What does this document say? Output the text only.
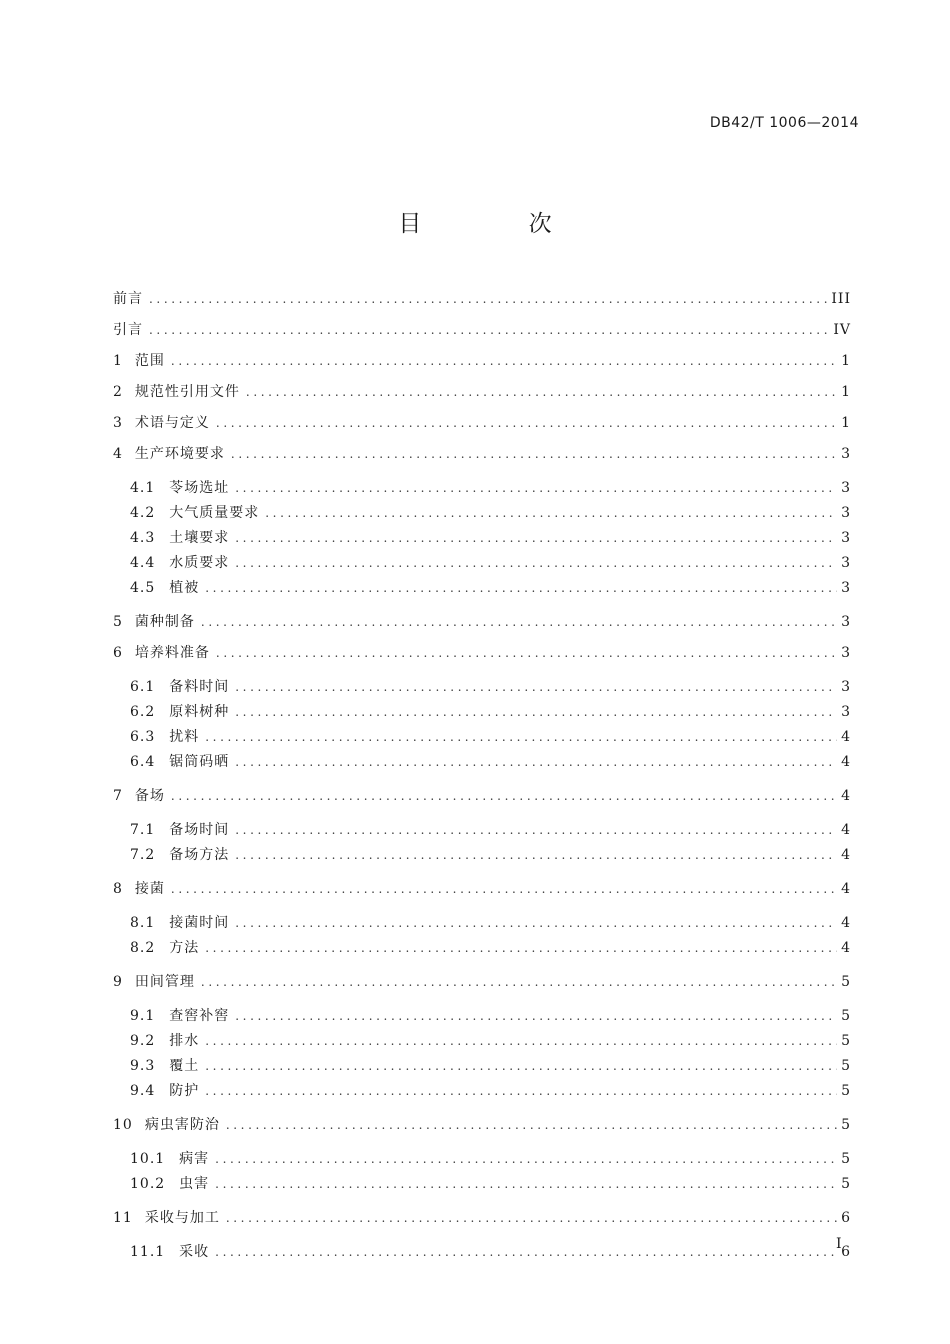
DB42/T 1006—2014
目 次
前言 .....	III
引言 .....	IV
1 范围 .....	1
2 规范性引用文件 .....	1
3 术语与定义 .....	1
4 生产环境要求 .....	3
4.1	苓场选址 .....	3
4.2	大气质量要求 .....	3
4.3	土壤要求 .....	3
4.4	水质要求 .....	3
4.5	植被 .....	3
5 菌种制备 .....	3
6 培养料准备 .....	3
6.1	备料时间 .....	3
6.2	原料树种 .....	3
6.3	扰料 .....	4
6.4	锯筒码晒 .....	4
7 备场 .....	4
7.1	备场时间 .....	4
7.2	备场方法 .....	4
8 接菌 .....	4
8.1	接菌时间 .....	4
8.2	方法 .....	4
9 田间管理 .....	5
9.1	查窖补窖 .....	5
9.2	排水 .....	5
9.3	覆土 .....	5
9.4	防护 .....	5
10 病虫害防治 .....	5
10.1	病害 .....	5
10.2	虫害 .....	5
11 采收与加工 .....	6
11.1	采收 .....	6
I
